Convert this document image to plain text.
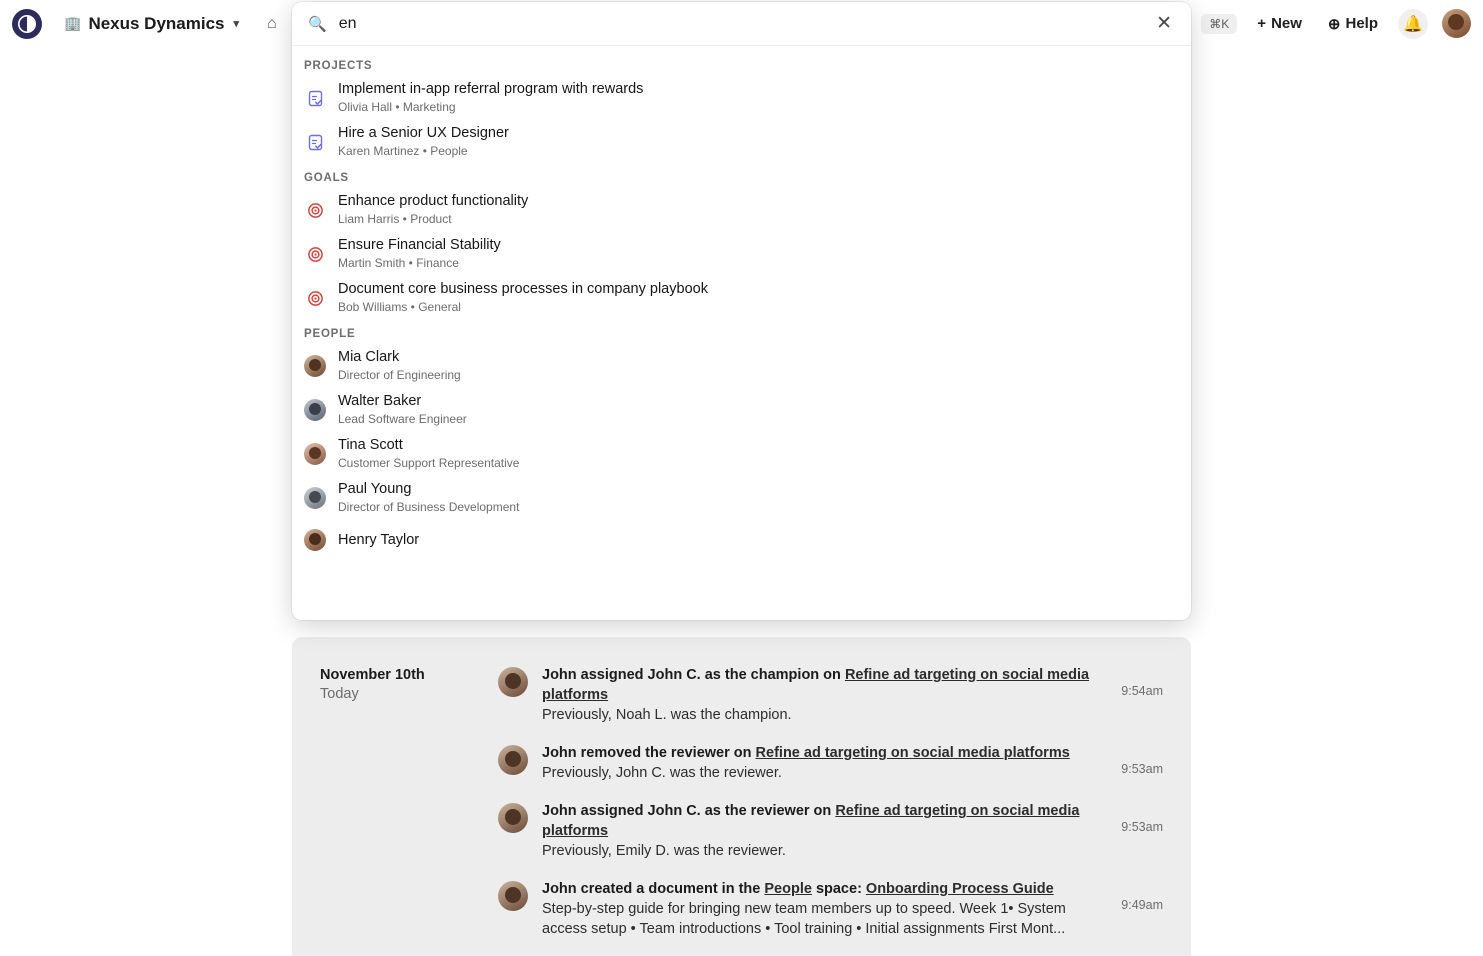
🏢 Nexus Dynamics ▾ ⌂	⌘K	+ New ⊕ Help	🔔
November 10th
Today
John assigned John C. as the champion on Refine ad targeting on social media platforms
Previously, Noah L. was the champion.
9:54am
John removed the reviewer on Refine ad targeting on social media platforms
Previously, John C. was the reviewer.	9:53am
John assigned John C. as the reviewer on Refine ad targeting on social media platforms
Previously, Emily D. was the reviewer.
9:53am
John created a document in the People space: Onboarding Process Guide
Step-by-step guide for bringing new team members up to speed. Week 1• System access setup • Team introductions • Tool training • Initial assignments First Mont...
9:49am
🔍
en	✕
PROJECTS
Implement in-app referral program with rewards
Olivia Hall • Marketing
Hire a Senior UX Designer
Karen Martinez • People
GOALS
Enhance product functionality
Liam Harris • Product
Ensure Financial Stability
Martin Smith • Finance
Document core business processes in company playbook
Bob Williams • General
PEOPLE
Mia Clark
Director of Engineering
Walter Baker
Lead Software Engineer
Tina Scott
Customer Support Representative
Paul Young
Director of Business Development
Henry Taylor
